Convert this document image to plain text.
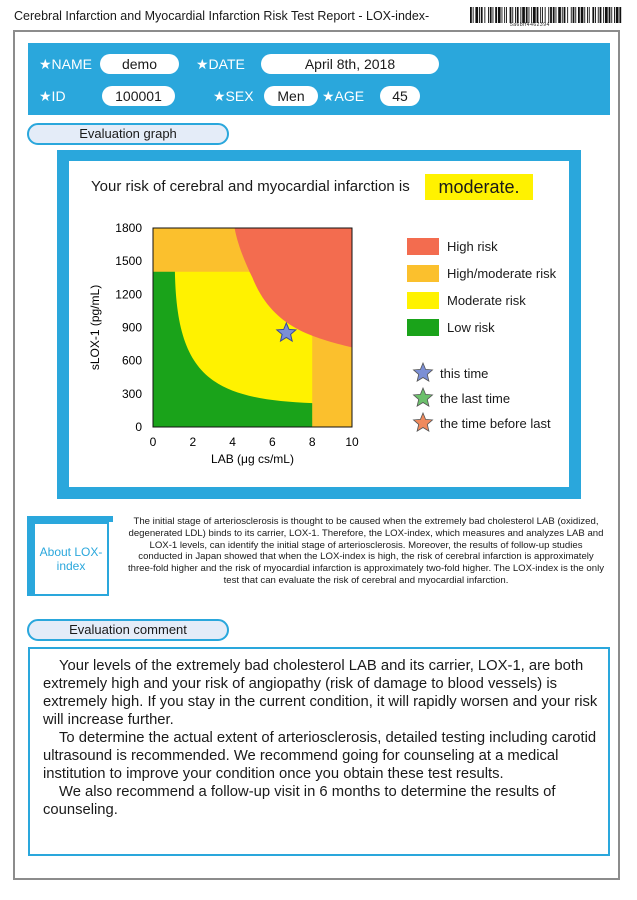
Cerebral Infarction and Myocardial Infarction Risk Test Report - LOX-index-
5a6bff4462394
★NAME	demo	★DATE	April 8th, 2018
★ID	100001	★SEX	Men	★AGE	45
Evaluation graph
Your risk of cerebral and myocardial infarction is	moderate.
0	2	4	6	8 10
0
300
600
900
1200
1500
1800
LAB (μg cs/mL)
sLOX-1 (pg/mL)
High risk
High/moderate risk
Moderate risk
Low risk
this time
the last time
the time before last
About LOX-index
The initial stage of arteriosclerosis is thought to be caused when the extremely bad cholesterol LAB (oxidized, degenerated LDL) binds to its carrier, LOX-1. Therefore, the LOX-index, which measures and analyzes LAB and LOX-1 levels, can identify the initial stage of arteriosclerosis. Moreover, the results of follow-up studies conducted in Japan showed that when the LOX-index is high, the risk of cerebral infarction is approximately three-fold higher and the risk of myocardial infarction is approximately two-fold higher. The LOX-index is the only test that can evaluate the risk of cerebral and myocardial infarction.
Evaluation comment

Your levels of the extremely bad cholesterol LAB and its carrier, LOX-1, are both extremely high and your risk of angiopathy (risk of damage to blood vessels) is extremely high. If you stay in the current condition, it will rapidly worsen and your risk will increase further.

To determine the actual extent of arteriosclerosis, detailed testing including carotid ultrasound is recommended. We recommend going for counseling at a medical institution to improve your condition once you obtain these test results.

We also recommend a follow-up visit in 6 months to determine the results of counseling.
